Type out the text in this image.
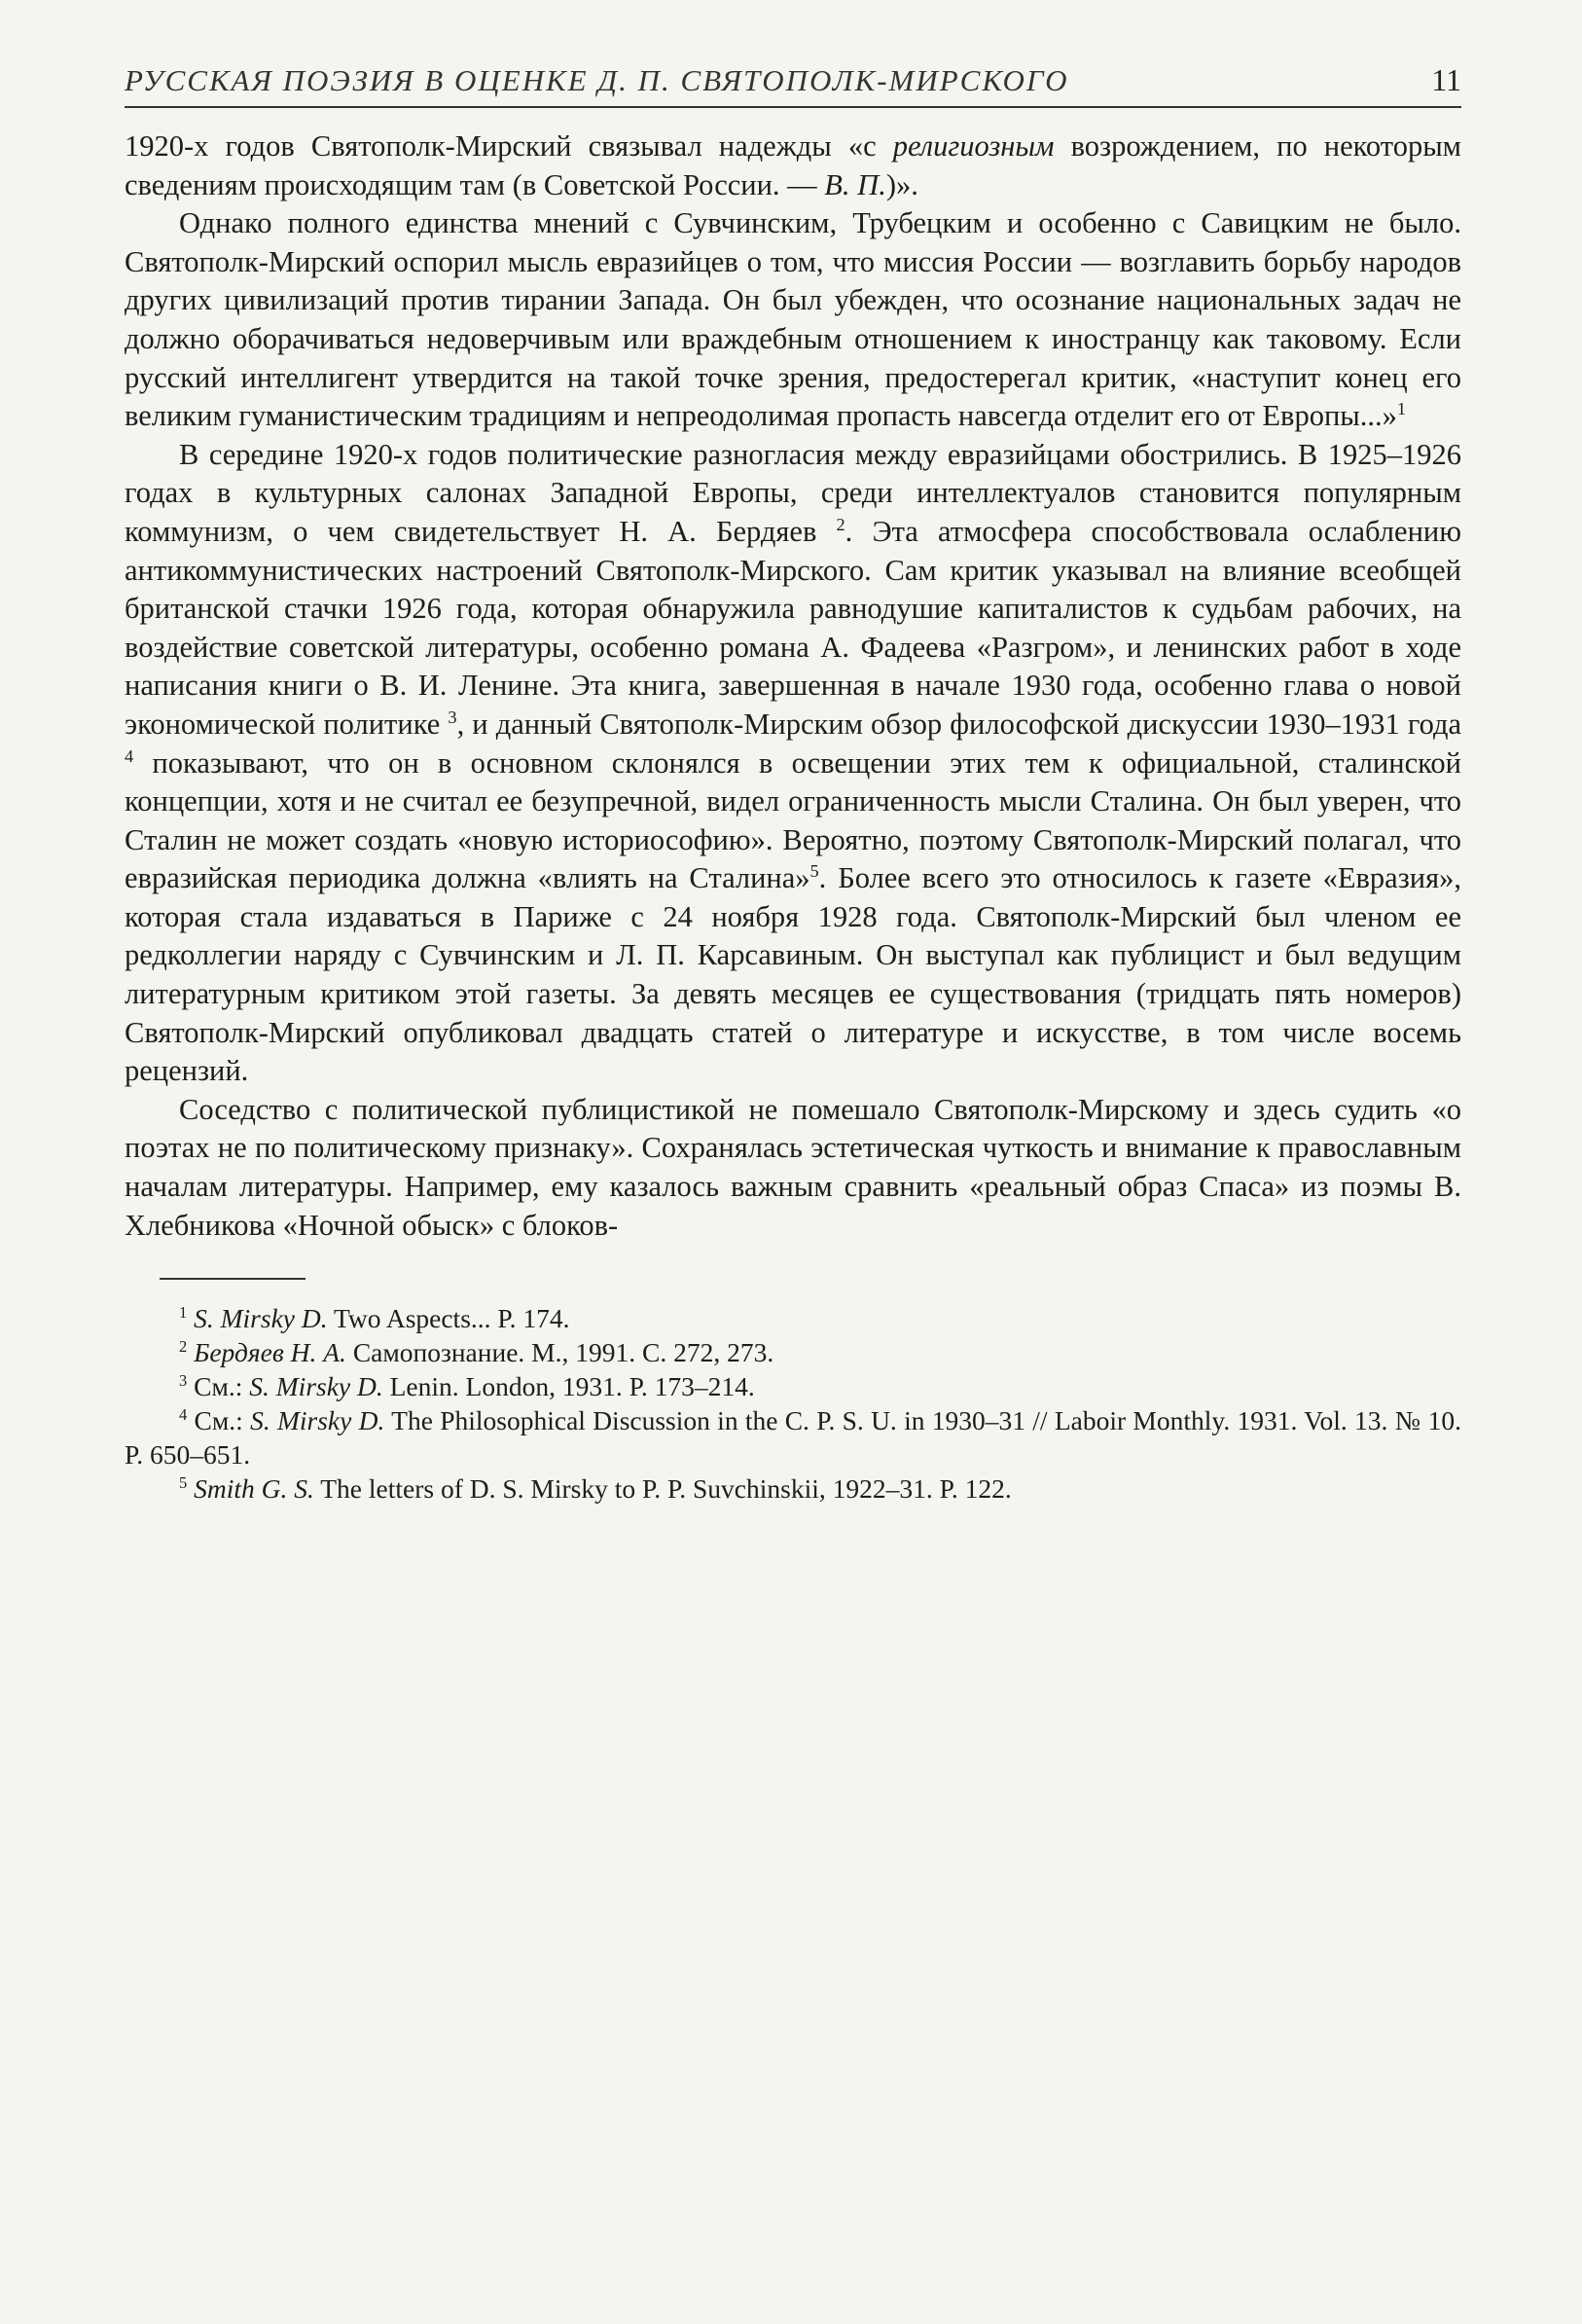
РУССКАЯ ПОЭЗИЯ В ОЦЕНКЕ Д. П. СВЯТОПОЛК-МИРСКОГО	11

1920-х годов Святополк-Мирский связывал надежды «с религиозным возрождением, по некоторым сведениям происходящим там (в Советской России. — В. П.)».

Однако полного единства мнений с Сувчинским, Трубецким и особенно с Савицким не было. Святополк-Мирский оспорил мысль евразийцев о том, что миссия России — возглавить борьбу народов других цивилизаций против тирании Запада. Он был убежден, что осознание национальных задач не должно оборачиваться недоверчивым или враждебным отношением к иностранцу как таковому. Если русский интеллигент утвердится на такой точке зрения, предостерегал критик, «наступит конец его великим гуманистическим традициям и непреодолимая пропасть навсегда отделит его от Европы...»$^1$

В середине 1920-х годов политические разногласия между евразийцами обострились. В 1925–1926 годах в культурных салонах Западной Европы, среди интеллектуалов становится популярным коммунизм, о чем свидетельствует Н. А. Бердяев $^2$. Эта атмосфера способствовала ослаблению антикоммунистических настроений Святополк-Мирского. Сам критик указывал на влияние всеобщей британской стачки 1926 года, которая обнаружила равнодушие капиталистов к судьбам рабочих, на воздействие советской литературы, особенно романа А. Фадеева «Разгром», и ленинских работ в ходе написания книги о В. И. Ленине. Эта книга, завершенная в начале 1930 года, особенно глава о новой экономической политике $^3$, и данный Святополк-Мирским обзор философской дискуссии 1930–1931 года $^4$ показывают, что он в основном склонялся в освещении этих тем к официальной, сталинской концепции, хотя и не считал ее безупречной, видел ограниченность мысли Сталина. Он был уверен, что Сталин не может создать «новую историософию». Вероятно, поэтому Святополк-Мирский полагал, что евразийская периодика должна «влиять на Сталина»$^5$. Более всего это относилось к газете «Евразия», которая стала издаваться в Париже с 24 ноября 1928 года. Святополк-Мирский был членом ее редколлегии наряду с Сувчинским и Л. П. Карсавиным. Он выступал как публицист и был ведущим литературным критиком этой газеты. За девять месяцев ее существования (тридцать пять номеров) Святополк-Мирский опубликовал двадцать статей о литературе и искусстве, в том числе восемь рецензий.

Соседство с политической публицистикой не помешало Святополк-Мирскому и здесь судить «о поэтах не по политическому признаку». Сохранялась эстетическая чуткость и внимание к православным началам литературы. Например, ему казалось важным сравнить «реальный образ Спаса» из поэмы В. Хлебникова «Ночной обыск» с блоков-

$^1$ S. Mirsky D. Two Aspects... P. 174.

$^2$ Бердяев Н. А. Самопознание. М., 1991. С. 272, 273.

$^3$ См.: S. Mirsky D. Lenin. London, 1931. P. 173–214.

$^4$ См.: S. Mirsky D. The Philosophical Discussion in the C. P. S. U. in 1930–31 // Laboir Monthly. 1931. Vol. 13. № 10. P. 650–651.

$^5$ Smith G. S. The letters of D. S. Mirsky to P. P. Suvchinskii, 1922–31. P. 122.
